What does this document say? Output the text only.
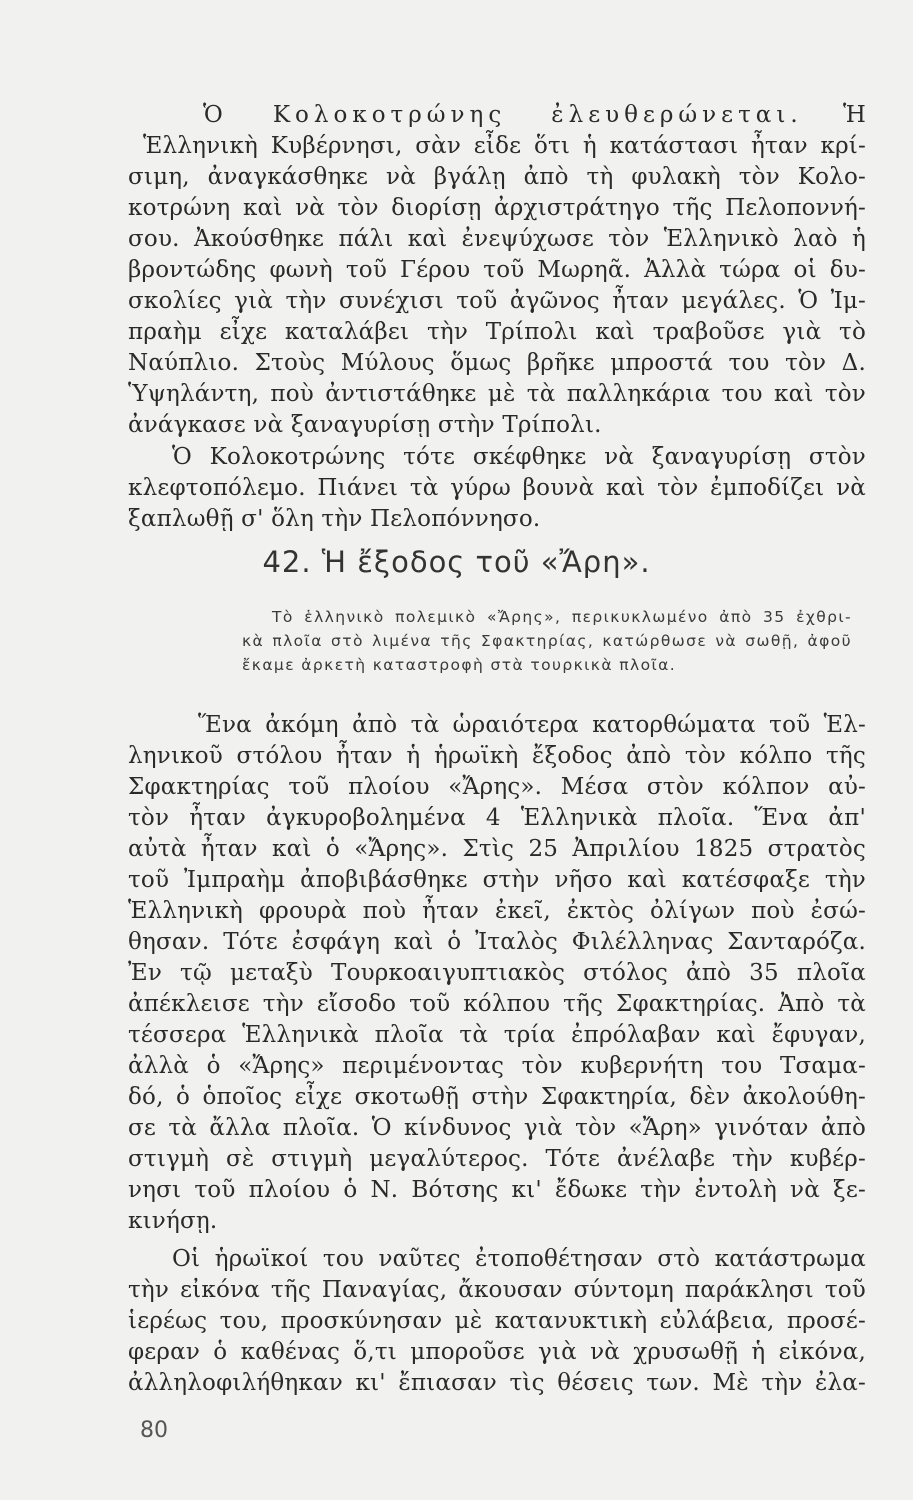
Ὁ Κολοκοτρώνης ἐλευθερώνεται. Ἡ
Ἑλληνικὴ Κυβέρνησι, σὰν εἶδε ὅτι ἡ κατάστασι ἦταν κρί-
σιμη, ἀναγκάσθηκε νὰ βγάλῃ ἀπὸ τὴ φυλακὴ τὸν Κολο-
κοτρώνη καὶ νὰ τὸν διορίσῃ ἀρχιστράτηγο τῆς Πελοποννή-
σου. Ἀκούσθηκε πάλι καὶ ἐνεψύχωσε τὸν Ἑλληνικὸ λαὸ ἡ
βροντώδης φωνὴ τοῦ Γέρου τοῦ Μωρηᾶ. Ἀλλὰ τώρα οἱ δυ-
σκολίες γιὰ τὴν συνέχισι τοῦ ἀγῶνος ἦταν μεγάλες. Ὁ Ἰμ-
πραὴμ εἶχε καταλάβει τὴν Τρίπολι καὶ τραβοῦσε γιὰ τὸ
Ναύπλιο. Στοὺς Μύλους ὅμως βρῆκε μπροστά του τὸν Δ.
Ὑψηλάντη, ποὺ ἀντιστάθηκε μὲ τὰ παλληκάρια του καὶ τὸν
ἀνάγκασε νὰ ξαναγυρίσῃ στὴν Τρίπολι.
Ὁ Κολοκοτρώνης τότε σκέφθηκε νὰ ξαναγυρίσῃ στὸν
κλεφτοπόλεμο. Πιάνει τὰ γύρω βουνὰ καὶ τὸν ἐμποδίζει νὰ
ξαπλωθῇ σ' ὅλη τὴν Πελοπόννησο.
42. Ἡ ἔξοδος τοῦ «Ἄρη».
Τὸ ἑλληνικὸ πολεμικὸ «Ἄρης», περικυκλωμένο ἀπὸ 35 ἐχθρι-
κὰ πλοῖα στὸ λιμένα τῆς Σφακτηρίας, κατώρθωσε νὰ σωθῇ, ἀφοῦ
ἔκαμε ἀρκετὴ καταστροφὴ στὰ τουρκικὰ πλοῖα.
Ἕνα ἀκόμη ἀπὸ τὰ ὡραιότερα κατορθώματα τοῦ Ἑλ-
ληνικοῦ στόλου ἦταν ἡ ἡρωϊκὴ ἔξοδος ἀπὸ τὸν κόλπο τῆς
Σφακτηρίας τοῦ πλοίου «Ἄρης». Μέσα στὸν κόλπον αὐ-
τὸν ἦταν ἀγκυροβολημένα 4 Ἑλληνικὰ πλοῖα. Ἕνα ἀπ'
αὐτὰ ἦταν καὶ ὁ «Ἄρης». Στὶς 25 Ἀπριλίου 1825 στρατὸς
τοῦ Ἰμπραὴμ ἀποβιβάσθηκε στὴν νῆσο καὶ κατέσφαξε τὴν
Ἑλληνικὴ φρουρὰ ποὺ ἦταν ἐκεῖ, ἐκτὸς ὀλίγων ποὺ ἐσώ-
θησαν. Τότε ἐσφάγη καὶ ὁ Ἰταλὸς Φιλέλληνας Σανταρόζα.
Ἐν τῷ μεταξὺ Τουρκοαιγυπτιακὸς στόλος ἀπὸ 35 πλοῖα
ἀπέκλεισε τὴν εἴσοδο τοῦ κόλπου τῆς Σφακτηρίας. Ἀπὸ τὰ
τέσσερα Ἑλληνικὰ πλοῖα τὰ τρία ἐπρόλαβαν καὶ ἔφυγαν,
ἀλλὰ ὁ «Ἄρης» περιμένοντας τὸν κυβερνήτη του Τσαμα-
δό, ὁ ὁποῖος εἶχε σκοτωθῇ στὴν Σφακτηρία, δὲν ἀκολούθη-
σε τὰ ἄλλα πλοῖα. Ὁ κίνδυνος γιὰ τὸν «Ἄρη» γινόταν ἀπὸ
στιγμὴ σὲ στιγμὴ μεγαλύτερος. Τότε ἀνέλαβε τὴν κυβέρ-
νησι τοῦ πλοίου ὁ Ν. Βότσης κι' ἔδωκε τὴν ἐντολὴ νὰ ξε-
κινήσῃ.
Οἱ ἡρωϊκοί του ναῦτες ἐτοποθέτησαν στὸ κατάστρωμα
τὴν εἰκόνα τῆς Παναγίας, ἄκουσαν σύντομη παράκλησι τοῦ
ἱερέως του, προσκύνησαν μὲ κατανυκτικὴ εὐλάβεια, προσέ-
φεραν ὁ καθένας ὅ,τι μποροῦσε γιὰ νὰ χρυσωθῇ ἡ εἰκόνα,
ἀλληλοφιλήθηκαν κι' ἔπιασαν τὶς θέσεις των. Μὲ τὴν ἐλα-
80
